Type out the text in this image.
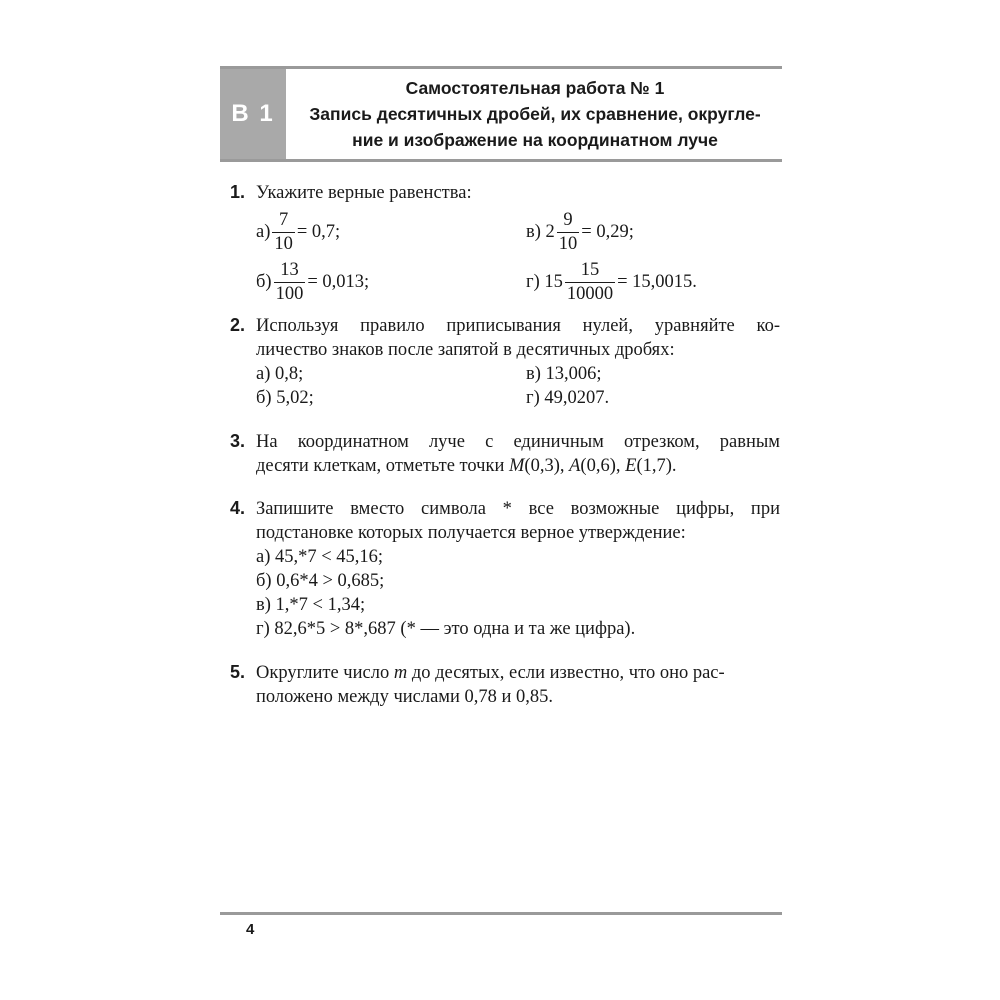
В 1
Самостоятельная работа № 1
Запись десятичных дробей, их сравнение, округле-
ние и изображение на координатном луче
1. Укажите верные равенства:
$а) \frac{7}{10} = 0,7$;	в) $2 \frac{9}{10} = 0,29$;
$б) \frac{13}{100} = 0,013$;	г) $15 \frac{15}{10000} = 15,0015$.
2. Используя правило приписывания нулей, уравняйте ко-
личество знаков после запятой в десятичных дробях:
а) 0,8;	в) 13,006;
б) 5,02;	г) 49,0207.
3. На координатном луче с единичным отрезком, равным
десяти клеткам, отметьте точки M(0,3), A(0,6), E(1,7).
4. Запишите вместо символа * все возможные цифры, при
подстановке которых получается верное утверждение:
а) 45,*7 < 45,16;
б) 0,6*4 > 0,685;
в) 1,*7 < 1,34;
г) 82,6*5 > 8*,687 (* — это одна и та же цифра).
5. Округлите число m до десятых, если известно, что оно рас-
положено между числами 0,78 и 0,85.
4
